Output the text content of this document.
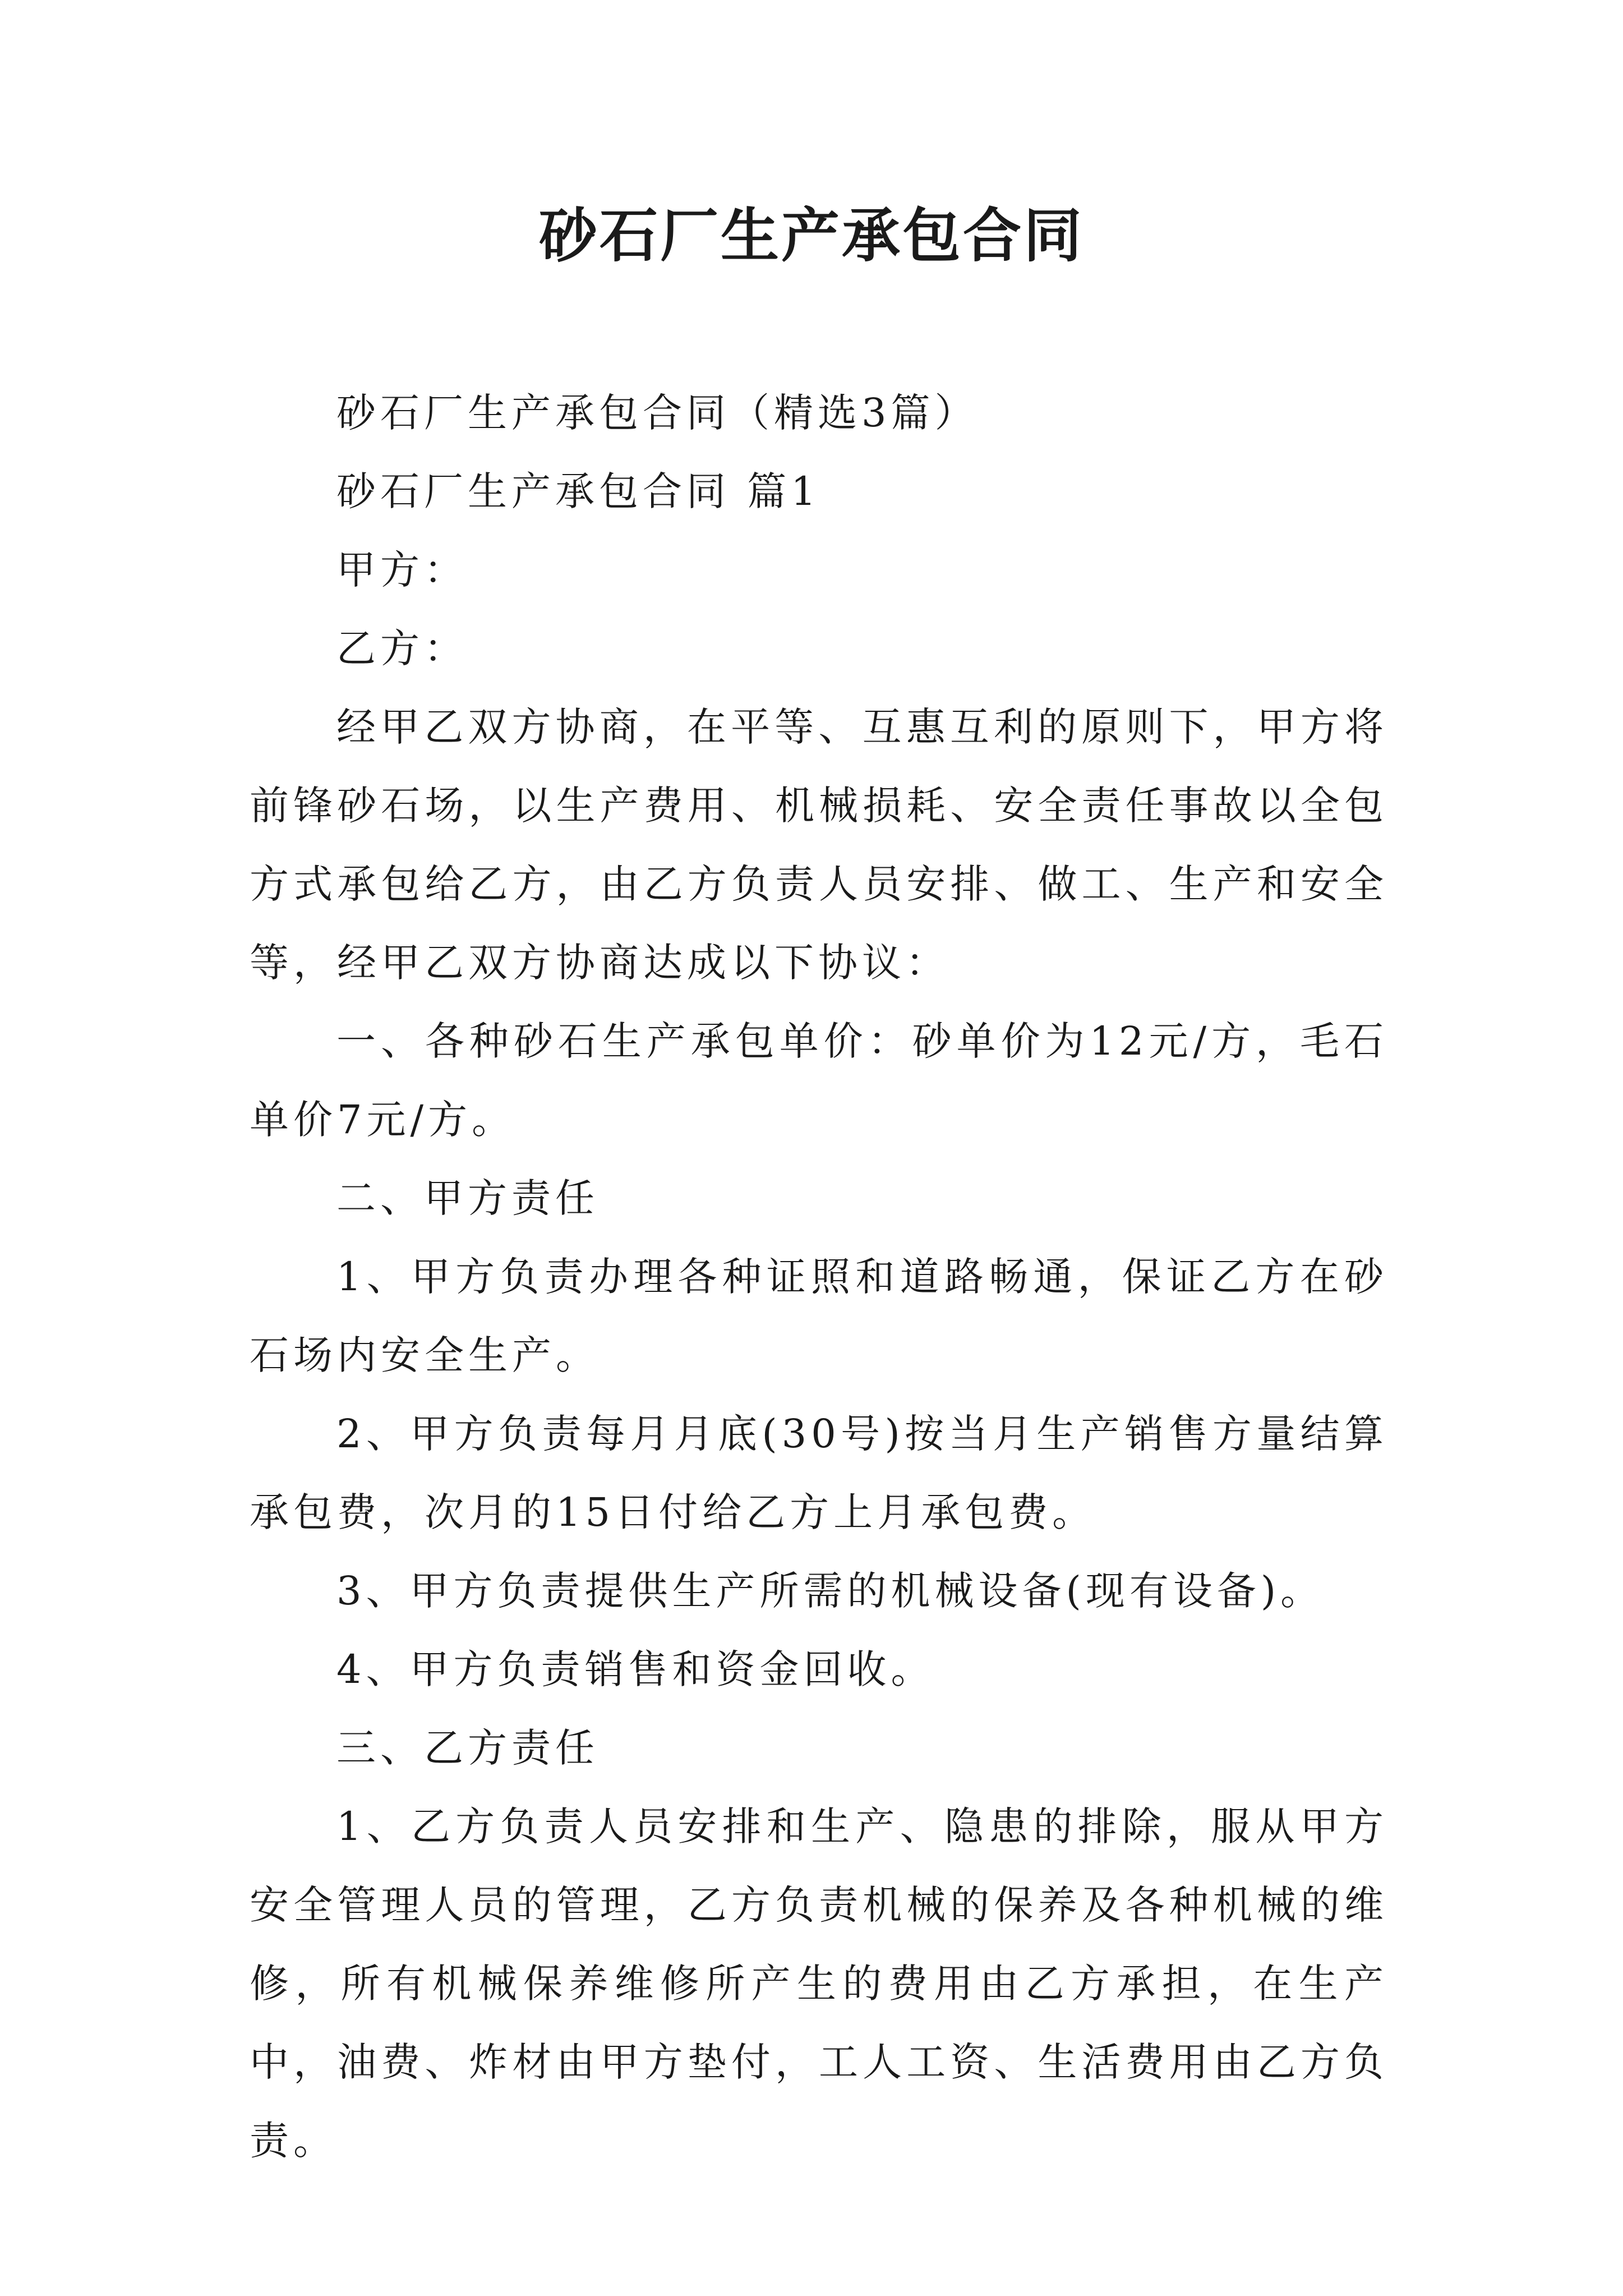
砂石厂生产承包合同

砂石厂生产承包合同（精选3篇）

砂石厂生产承包合同 篇1

甲方：

乙方：

经甲乙双方协商，在平等、互惠互利的原则下，甲方将前锋砂石场，以生产费用、机械损耗、安全责任事故以全包方式承包给乙方，由乙方负责人员安排、做工、生产和安全等，经甲乙双方协商达成以下协议：

一、各种砂石生产承包单价：砂单价为12元/方，毛石单价7元/方。

二、甲方责任

1、甲方负责办理各种证照和道路畅通，保证乙方在砂石场内安全生产。

2、甲方负责每月月底(30号)按当月生产销售方量结算承包费，次月的15日付给乙方上月承包费。

3、甲方负责提供生产所需的机械设备(现有设备)。

4、甲方负责销售和资金回收。

三、乙方责任

1、乙方负责人员安排和生产、隐患的排除，服从甲方安全管理人员的管理，乙方负责机械的保养及各种机械的维修，所有机械保养维修所产生的费用由乙方承担，在生产中，油费、炸材由甲方垫付，工人工资、生活费用由乙方负责。
